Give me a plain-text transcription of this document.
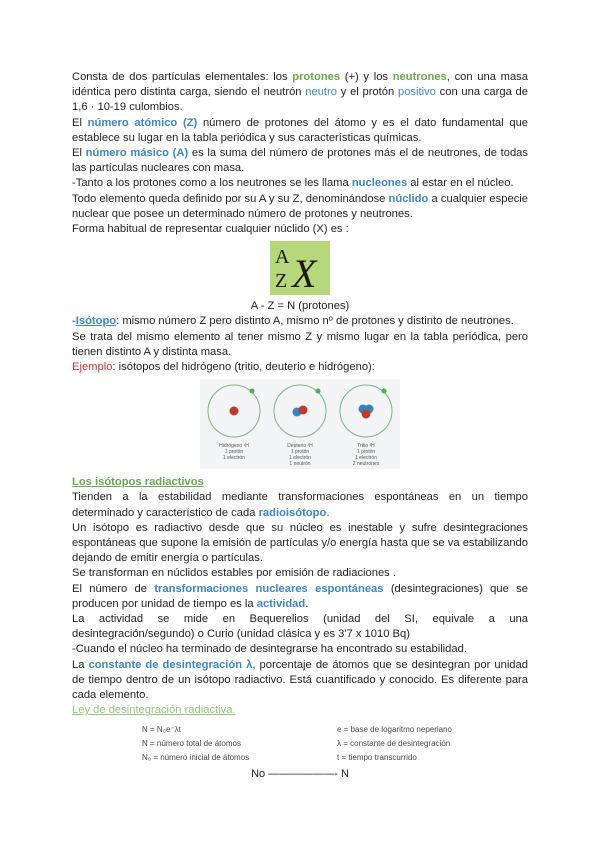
Consta de dos partículas elementales: los protones (+) y los neutrones, con una masa idéntica pero distinta carga, siendo el neutrón neutro y el protón positivo con una carga de 1,6 · 10-19 culombios.

El número atómico (Z) número de protones del átomo y es el dato fundamental que establece su lugar en la tabla periódica y sus características químicas.

El número másico (A) es la suma del número de protones más el de neutrones, de todas las partículas nucleares con masa.

-Tanto a los protones como a los neutrones se les llama nucleones al estar en el núcleo.

Todo elemento queda definido por su A y su Z, denominándose núclido a cualquier especie nuclear que posee un determinado número de protones y neutrones.

Forma habitual de representar cualquier núclido (X) es :

A
Z X

A - Z = N (protones)

-Isótopo: mismo número Z pero distinto A, mismo nº de protones y distinto de neutrones.

Se trata del mismo elemento al tener mismo Z y mismo lugar en la tabla periódica, pero tienen distinto A y distinta masa.

Ejemplo: isótopos del hidrógeno (tritio, deuterio e hidrógeno):

Hidrógeno ¹H
1 protón
1 electrón
Deuterio ²H
1 protón
1 electrón
1 neutrón
Tritio ³H
1 protón
1 electrón
2 neutrones

Los isótopos radiactivos

Tienden a la estabilidad mediante transformaciones espontáneas en un tiempo determinado y característico de cada radioisótopo.

Un isótopo es radiactivo desde que su núcleo es inestable y sufre desintegraciones espontáneas que supone la emisión de partículas y/o energía hasta que se va estabilizando dejando de emitir energía o partículas.

Se transforman en núclidos estables por emisión de radiaciones .

El número de transformaciones nucleares espontáneas (desintegraciones) que se producen por unidad de tiempo es la actividad.

La actividad se mide en Bequerelios (unidad del SI, equivale a una desintegración/segundo) o Curio (unidad clásica y es 3'7 x 1010 Bq)

-Cuando el núcleo ha terminado de desintegrarse ha encontrado su estabilidad.

La constante de desintegración λ, porcentaje de átomos que se desintegran por unidad de tiempo dentro de un isótopo radiactivo. Está cuantificado y conocido. Es diferente para cada elemento.

Ley de desintegración radiactiva.

N = N₀e⁻λt
N = número total de átomos
N₀ = número inicial de átomos
e = base de logaritmo neperiano
λ = constante de desintegración
t = tiempo transcurrido

No ——————- N
